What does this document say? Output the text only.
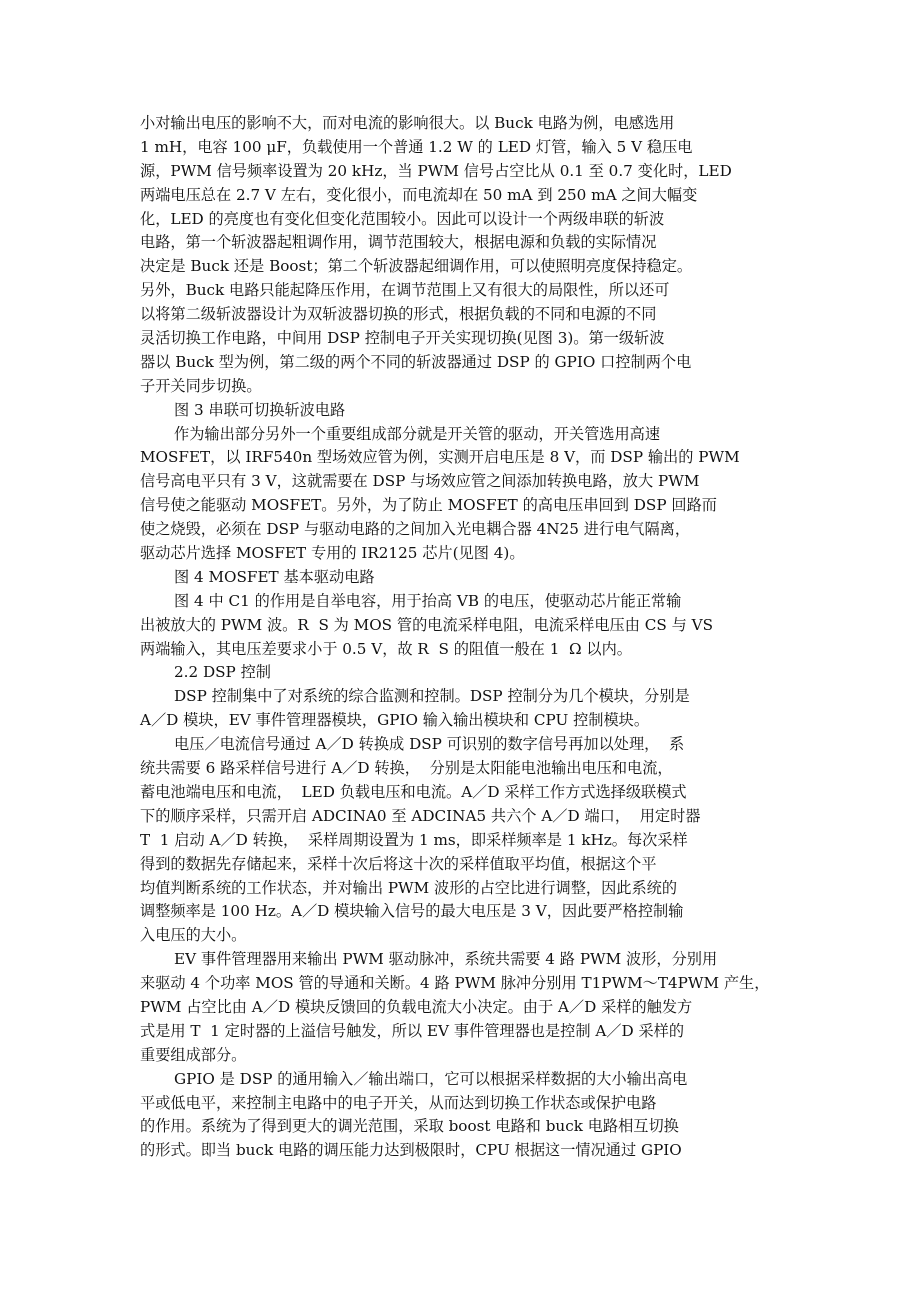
小对输出电压的影响不大，而对电流的影响很大。以 Buck 电路为例，电感选用
1 mH，电容 100 μF，负载使用一个普通 1.2 W 的 LED 灯管，输入 5 V 稳压电
源，PWM 信号频率设置为 20 kHz，当 PWM 信号占空比从 0.1 至 0.7 变化时，LED
两端电压总在 2.7 V 左右，变化很小，而电流却在 50 mA 到 250 mA 之间大幅变
化，LED 的亮度也有变化但变化范围较小。因此可以设计一个两级串联的斩波
电路，第一个斩波器起粗调作用，调节范围较大，根据电源和负载的实际情况
决定是 Buck 还是 Boost；第二个斩波器起细调作用，可以使照明亮度保持稳定。
另外，Buck 电路只能起降压作用，在调节范围上又有很大的局限性，所以还可
以将第二级斩波器设计为双斩波器切换的形式，根据负载的不同和电源的不同
灵活切换工作电路，中间用 DSP 控制电子开关实现切换(见图 3)。第一级斩波
器以 Buck 型为例，第二级的两个不同的斩波器通过 DSP 的 GPIO 口控制两个电
子开关同步切换。
图 3 串联可切换斩波电路
作为输出部分另外一个重要组成部分就是开关管的驱动，开关管选用高速
MOSFET，以 IRF540n 型场效应管为例，实测开启电压是 8 V，而 DSP 输出的 PWM
信号高电平只有 3 V，这就需要在 DSP 与场效应管之间添加转换电路，放大 PWM
信号使之能驱动 MOSFET。另外，为了防止 MOSFET 的高电压串回到 DSP 回路而
使之烧毁，必须在 DSP 与驱动电路的之间加入光电耦合器 4N25 进行电气隔离，
驱动芯片选择 MOSFET 专用的 IR2125 芯片(见图 4)。
图 4 MOSFET 基本驱动电路
图 4 中 C1 的作用是自举电容，用于抬高 VB 的电压，使驱动芯片能正常输
出被放大的 PWM 波。R  S 为 MOS 管的电流采样电阻，电流采样电压由 CS 与 VS
两端输入，其电压差要求小于 0.5 V，故 R  S 的阻值一般在 1  Ω 以内。
2.2 DSP 控制
DSP 控制集中了对系统的综合监测和控制。DSP 控制分为几个模块，分别是
A／D 模块，EV 事件管理器模块，GPIO 输入输出模块和 CPU 控制模块。
电压／电流信号通过 A／D 转换成 DSP 可识别的数字信号再加以处理，  系
统共需要 6 路采样信号进行 A／D 转换，  分别是太阳能电池输出电压和电流，
蓄电池端电压和电流，  LED 负载电压和电流。A／D 采样工作方式选择级联模式
下的顺序采样，只需开启 ADCINA0 至 ADCINA5 共六个 A／D 端口，  用定时器
T  1 启动 A／D 转换，  采样周期设置为 1 ms，即采样频率是 1 kHz。每次采样
得到的数据先存储起来，采样十次后将这十次的采样值取平均值，根据这个平
均值判断系统的工作状态，并对输出 PWM 波形的占空比进行调整，因此系统的
调整频率是 100 Hz。A／D 模块输入信号的最大电压是 3 V，因此要严格控制输
入电压的大小。
EV 事件管理器用来输出 PWM 驱动脉冲，系统共需要 4 路 PWM 波形，分别用
来驱动 4 个功率 MOS 管的导通和关断。4 路 PWM 脉冲分别用 T1PWM～T4PWM 产生，
PWM 占空比由 A／D 模块反馈回的负载电流大小决定。由于 A／D 采样的触发方
式是用 T  1 定时器的上溢信号触发，所以 EV 事件管理器也是控制 A／D 采样的
重要组成部分。
GPIO 是 DSP 的通用输入／输出端口，它可以根据采样数据的大小输出高电
平或低电平，来控制主电路中的电子开关，从而达到切换工作状态或保护电路
的作用。系统为了得到更大的调光范围，采取 boost 电路和 buck 电路相互切换
的形式。即当 buck 电路的调压能力达到极限时，CPU 根据这一情况通过 GPIO
